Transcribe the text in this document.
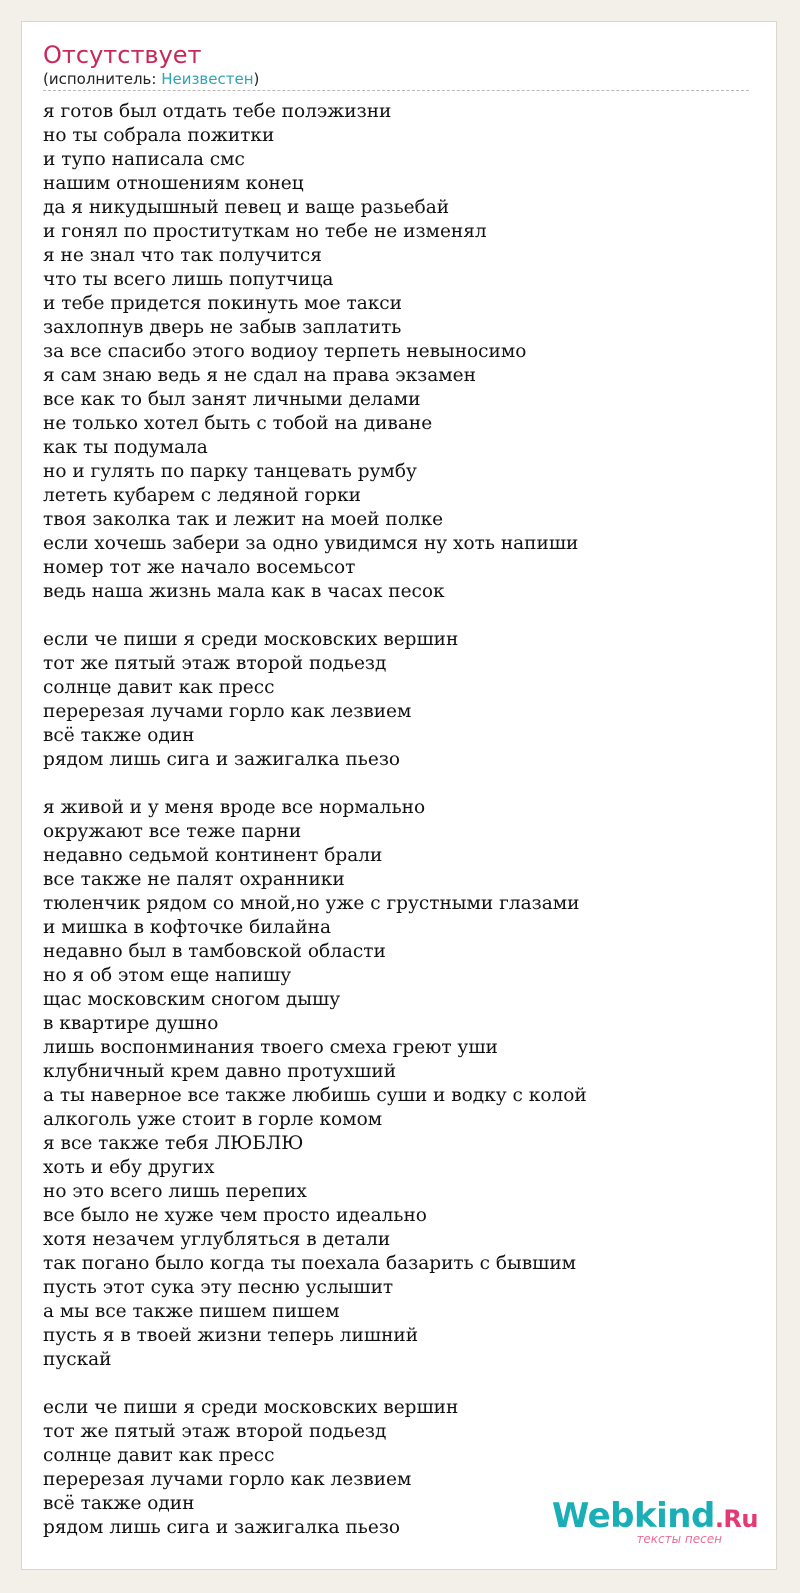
Отсутствует
(исполнитель: Неизвестен)
я готов был отдать тебе полэжизни
но ты собрала пожитки
и тупо написала смс
нашим отношениям конец
да я никудышный певец и ваще разьебай
и гонял по проституткам но тебе не изменял
я не знал что так получится
что ты всего лишь попутчица
и тебе придется покинуть мое такси
захлопнув дверь не забыв заплатить
за все спасибо этого водиоу терпеть невыносимо
я сам знаю ведь я не сдал на права экзамен
все как то был занят личными делами
не только хотел быть с тобой на диване
как ты подумала
но и гулять по парку танцевать румбу
лететь кубарем с ледяной горки
твоя заколка так и лежит на моей полке
если хочешь забери за одно увидимся ну хоть напиши
номер тот же начало восемьсот
ведь наша жизнь мала как в часах песок
если че пиши я среди московских вершин
тот же пятый этаж второй подьезд
солнце давит как пресс
перерезая лучами горло как лезвием
всё также один
рядом лишь сига и зажигалка пьезо
я живой и у меня вроде все нормально
окружают все теже парни
недавно седьмой континент брали
все также не палят охранники
тюленчик рядом со мной,но уже с грустными глазами
и мишка в кофточке билайна
недавно был в тамбовской области
но я об этом еще напишу
щас московским сногом дышу
в квартире душно
лишь воспонминания твоего смеха греют уши
клубничный крем давно протухший
а ты наверное все также любишь суши и водку с колой
алкоголь уже стоит в горле комом
я все также тебя ЛЮБЛЮ
хоть и ебу других
но это всего лишь перепих
все было не хуже чем просто идеально
хотя незачем углубляться в детали
так погано было когда ты поехала базарить с бывшим
пусть этот сука эту песню услышит
а мы все также пишем пишем
пусть я в твоей жизни теперь лишний
пускай
если че пиши я среди московских вершин
тот же пятый этаж второй подьезд
солнце давит как пресс
перерезая лучами горло как лезвием
всё также один
рядом лишь сига и зажигалка пьезо	Webkind.Ru
тексты песен
